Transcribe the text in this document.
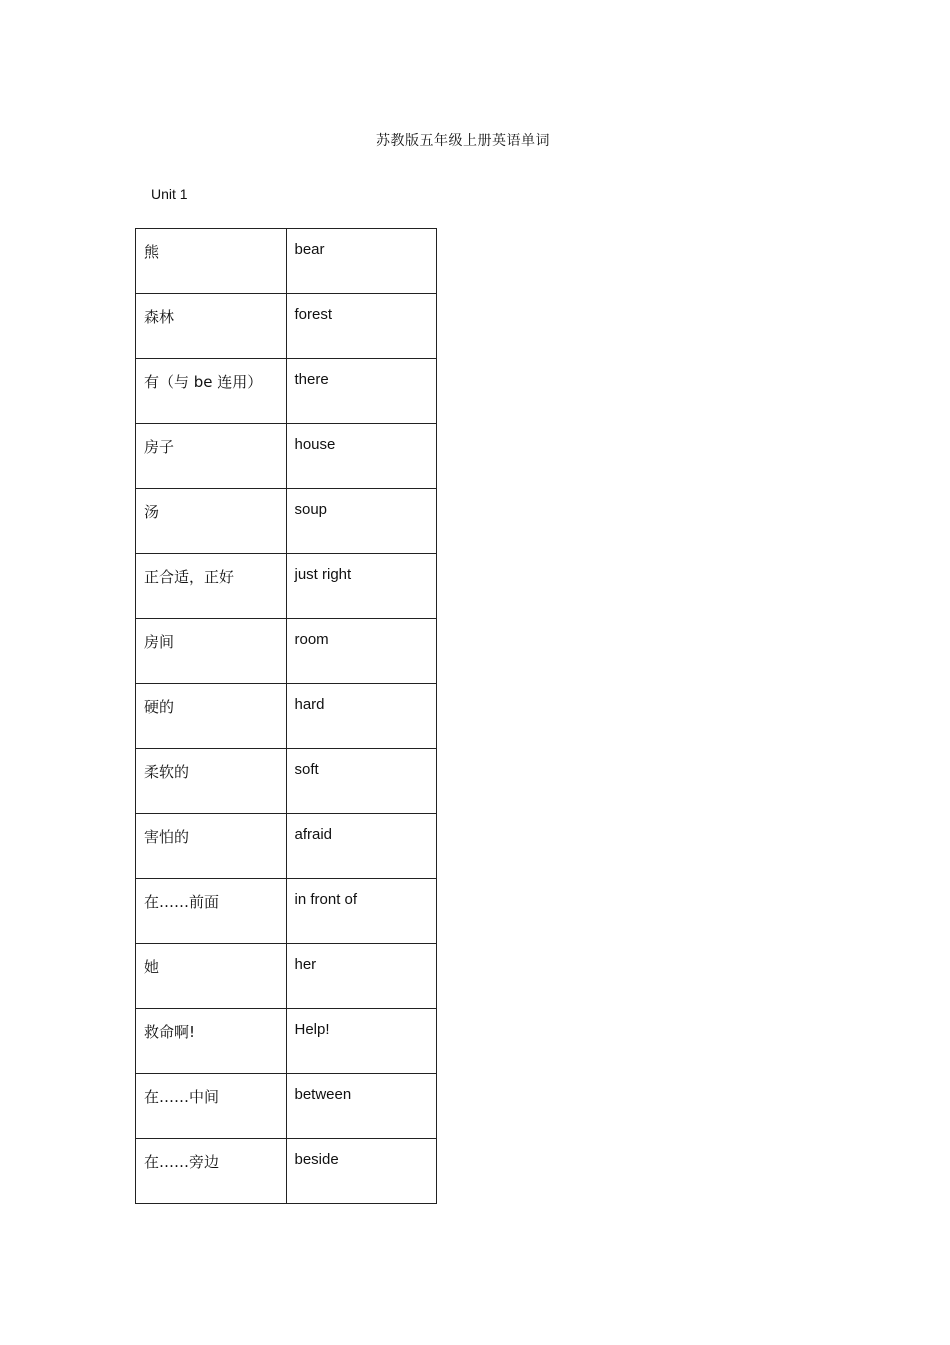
苏教版五年级上册英语单词
Unit 1
熊	bear
森林	forest
有（与 be 连用）	there
房子	house
汤	soup
正合适，正好	just right
房间	room
硬的	hard
柔软的	soft
害怕的	afraid
在……前面	in front of
她	her
救命啊!	Help!
在……中间	between
在……旁边	beside
